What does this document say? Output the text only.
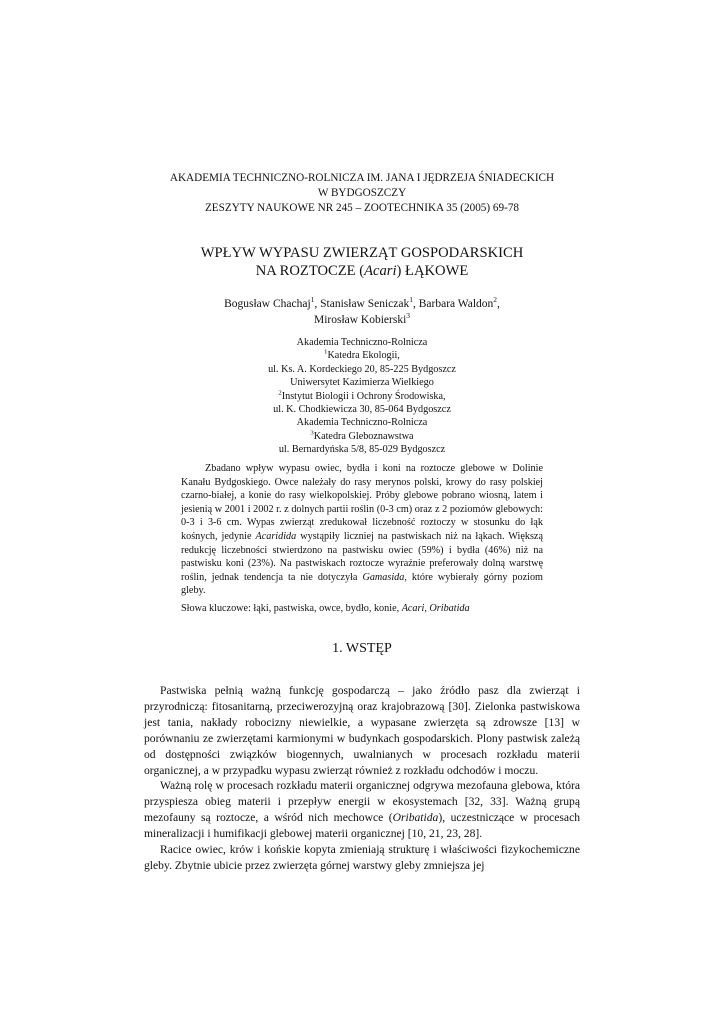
AKADEMIA TECHNICZNO-ROLNICZA IM. JANA I JĘDRZEJA ŚNIADECKICH
W BYDGOSZCZY
ZESZYTY NAUKOWE NR 245 – ZOOTECHNIKA 35 (2005) 69-78
WPŁYW WYPASU ZWIERZĄT GOSPODARSKICH
NA ROZTOCZE (Acari) ŁĄKOWE
Bogusław Chachaj$^1$, Stanisław Seniczak$^1$, Barbara Waldon$^2$,
Mirosław Kobierski$^3$
Akademia Techniczno-Rolnicza
$^1$Katedra Ekologii,
ul. Ks. A. Kordeckiego 20, 85-225 Bydgoszcz
Uniwersytet Kazimierza Wielkiego
$^2$Instytut Biologii i Ochrony Środowiska,
ul. K. Chodkiewicza 30, 85-064 Bydgoszcz
Akademia Techniczno-Rolnicza
$^3$Katedra Gleboznawstwa
ul. Bernardyńska 5/8, 85-029 Bydgoszcz

Zbadano wpływ wypasu owiec, bydła i koni na roztocze glebowe w Dolinie Kanału Bydgoskiego. Owce należały do rasy merynos polski, krowy do rasy polskiej czarno-białej, a konie do rasy wielkopolskiej. Próby glebowe pobrano wiosną, latem i jesienią w 2001 i 2002 r. z dolnych partii roślin (0-3 cm) oraz z 2 poziomów glebowych: 0-3 i 3-6 cm. Wypas zwierząt zredukował liczebność roztoczy w stosunku do łąk kośnych, jedynie Acaridida wystąpiły liczniej na pastwiskach niż na łąkach. Większą redukcję liczebności stwierdzono na pastwisku owiec (59%) i bydła (46%) niż na pastwisku koni (23%). Na pastwiskach roztocze wyraźnie preferowały dolną warstwę roślin, jednak tendencja ta nie dotyczyła Gamasida, które wybierały górny poziom gleby.

Słowa kluczowe: łąki, pastwiska, owce, bydło, konie, Acari, Oribatida
1. WSTĘP

Pastwiska pełnią ważną funkcję gospodarczą – jako źródło pasz dla zwierząt i przyrodniczą: fitosanitarną, przeciwerozyjną oraz krajobrazową [30]. Zielonka pastwiskowa jest tania, nakłady robocizny niewielkie, a wypasane zwierzęta są zdrowsze [13] w porównaniu ze zwierzętami karmionymi w budynkach gospodarskich. Plony pastwisk zależą od dostępności związków biogennych, uwalnianych w procesach rozkładu materii organicznej, a w przypadku wypasu zwierząt również z rozkładu odchodów i moczu.

Ważną rolę w procesach rozkładu materii organicznej odgrywa mezofauna glebowa, która przyspiesza obieg materii i przepływ energii w ekosystemach [32, 33]. Ważną grupą mezofauny są roztocze, a wśród nich mechowce (Oribatida), uczestniczące w procesach mineralizacji i humifikacji glebowej materii organicznej [10, 21, 23, 28].

Racice owiec, krów i końskie kopyta zmieniają strukturę i właściwości fizykochemiczne gleby. Zbytnie ubicie przez zwierzęta górnej warstwy gleby zmniejsza jej
